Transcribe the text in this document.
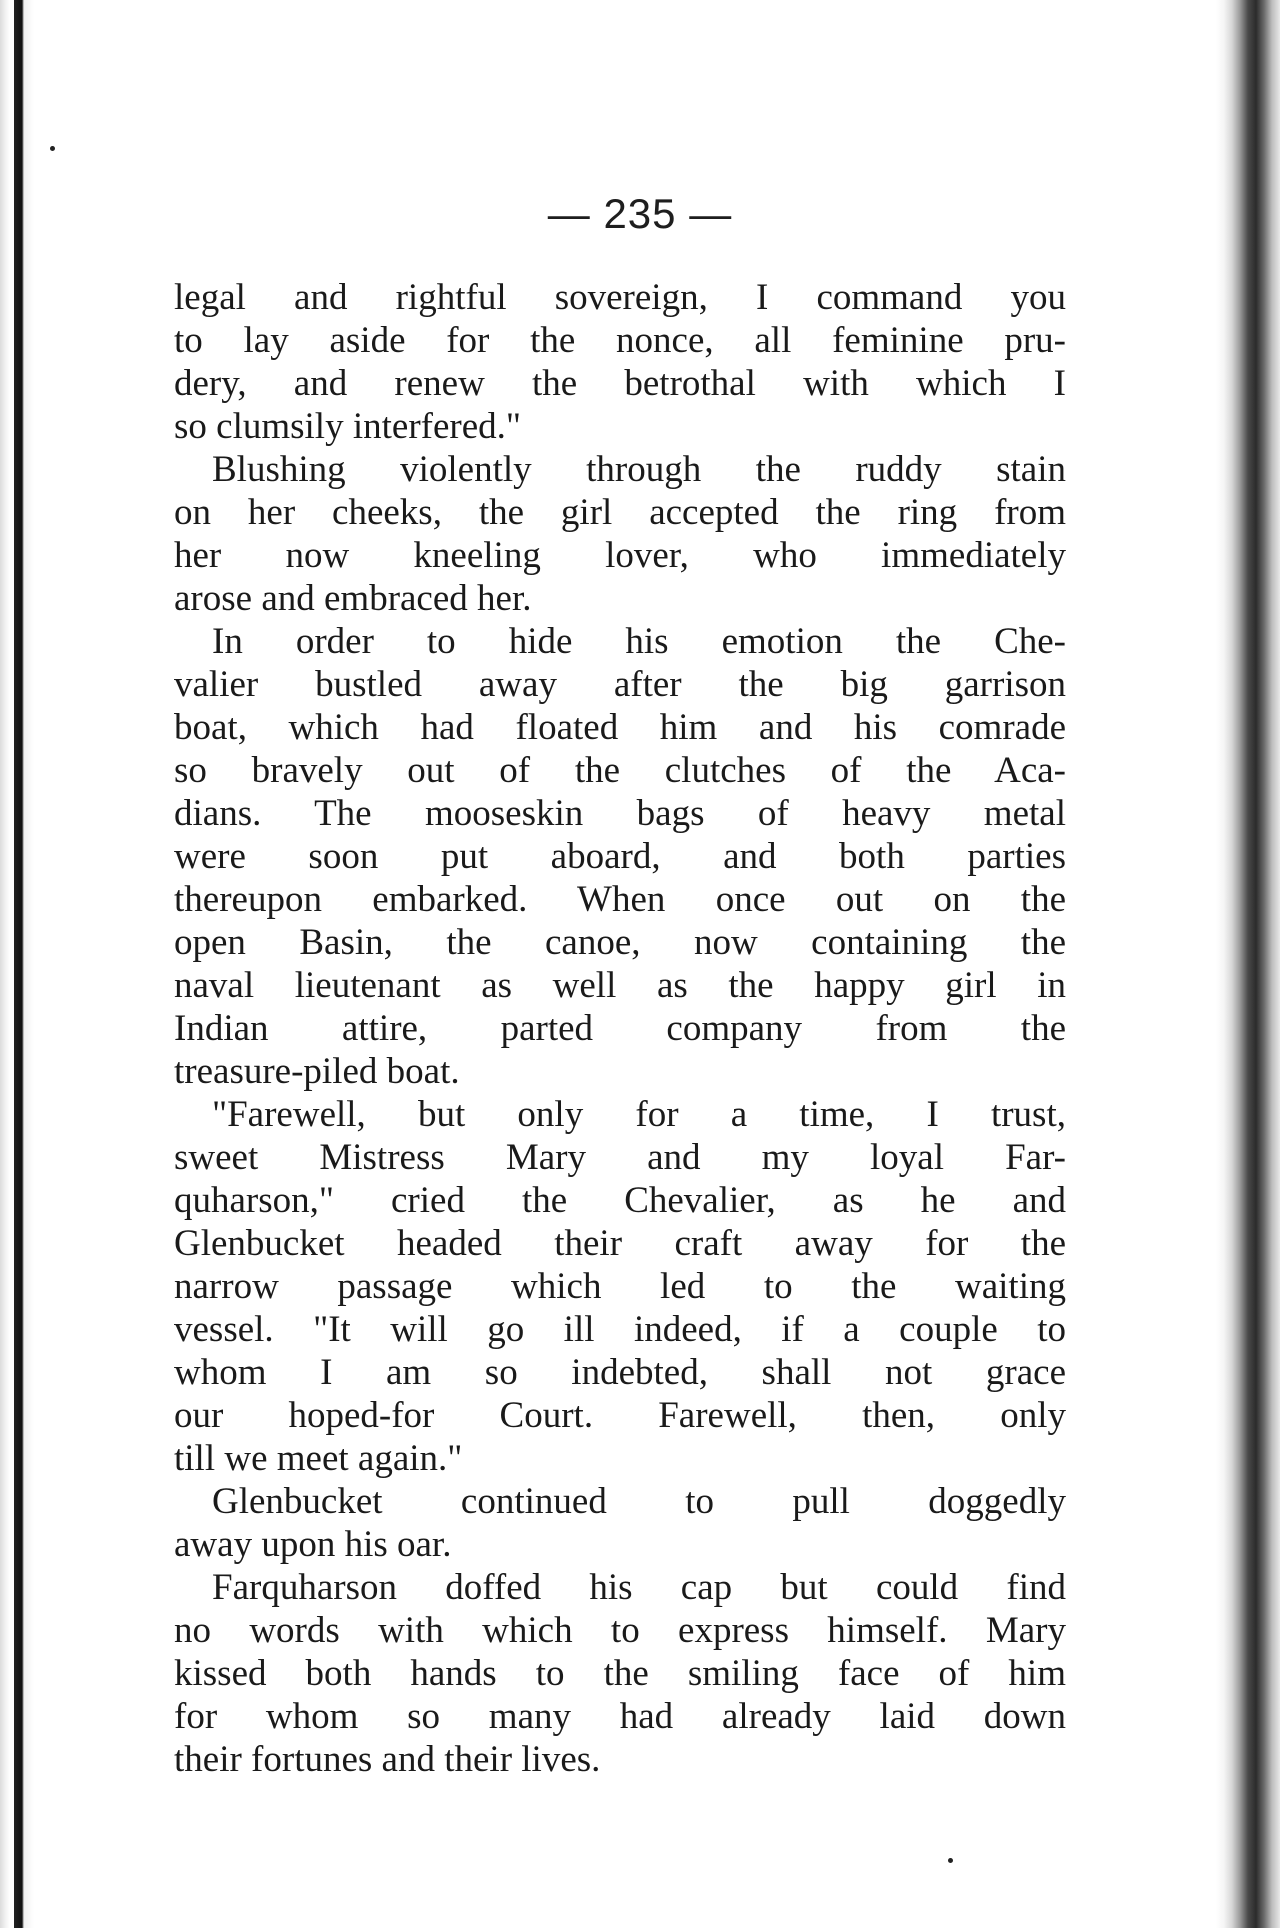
— 235 —
legal and rightful sovereign, I command you
to lay aside for the nonce, all feminine pru-
dery, and renew the betrothal with which I
so clumsily interfered."
Blushing violently through the ruddy stain
on her cheeks, the girl accepted the ring from
her now kneeling lover, who immediately
arose and embraced her.
In order to hide his emotion the Che-
valier bustled away after the big garrison
boat, which had floated him and his comrade
so bravely out of the clutches of the Aca-
dians. The mooseskin bags of heavy metal
were soon put aboard, and both parties
thereupon embarked. When once out on the
open Basin, the canoe, now containing the
naval lieutenant as well as the happy girl in
Indian attire, parted company from the
treasure-piled boat.
"Farewell, but only for a time, I trust,
sweet Mistress Mary and my loyal Far-
quharson," cried the Chevalier, as he and
Glenbucket headed their craft away for the
narrow passage which led to the waiting
vessel. "It will go ill indeed, if a couple to
whom I am so indebted, shall not grace
our hoped-for Court. Farewell, then, only
till we meet again."
Glenbucket continued to pull doggedly
away upon his oar.
Farquharson doffed his cap but could find
no words with which to express himself. Mary
kissed both hands to the smiling face of him
for whom so many had already laid down
their fortunes and their lives.
